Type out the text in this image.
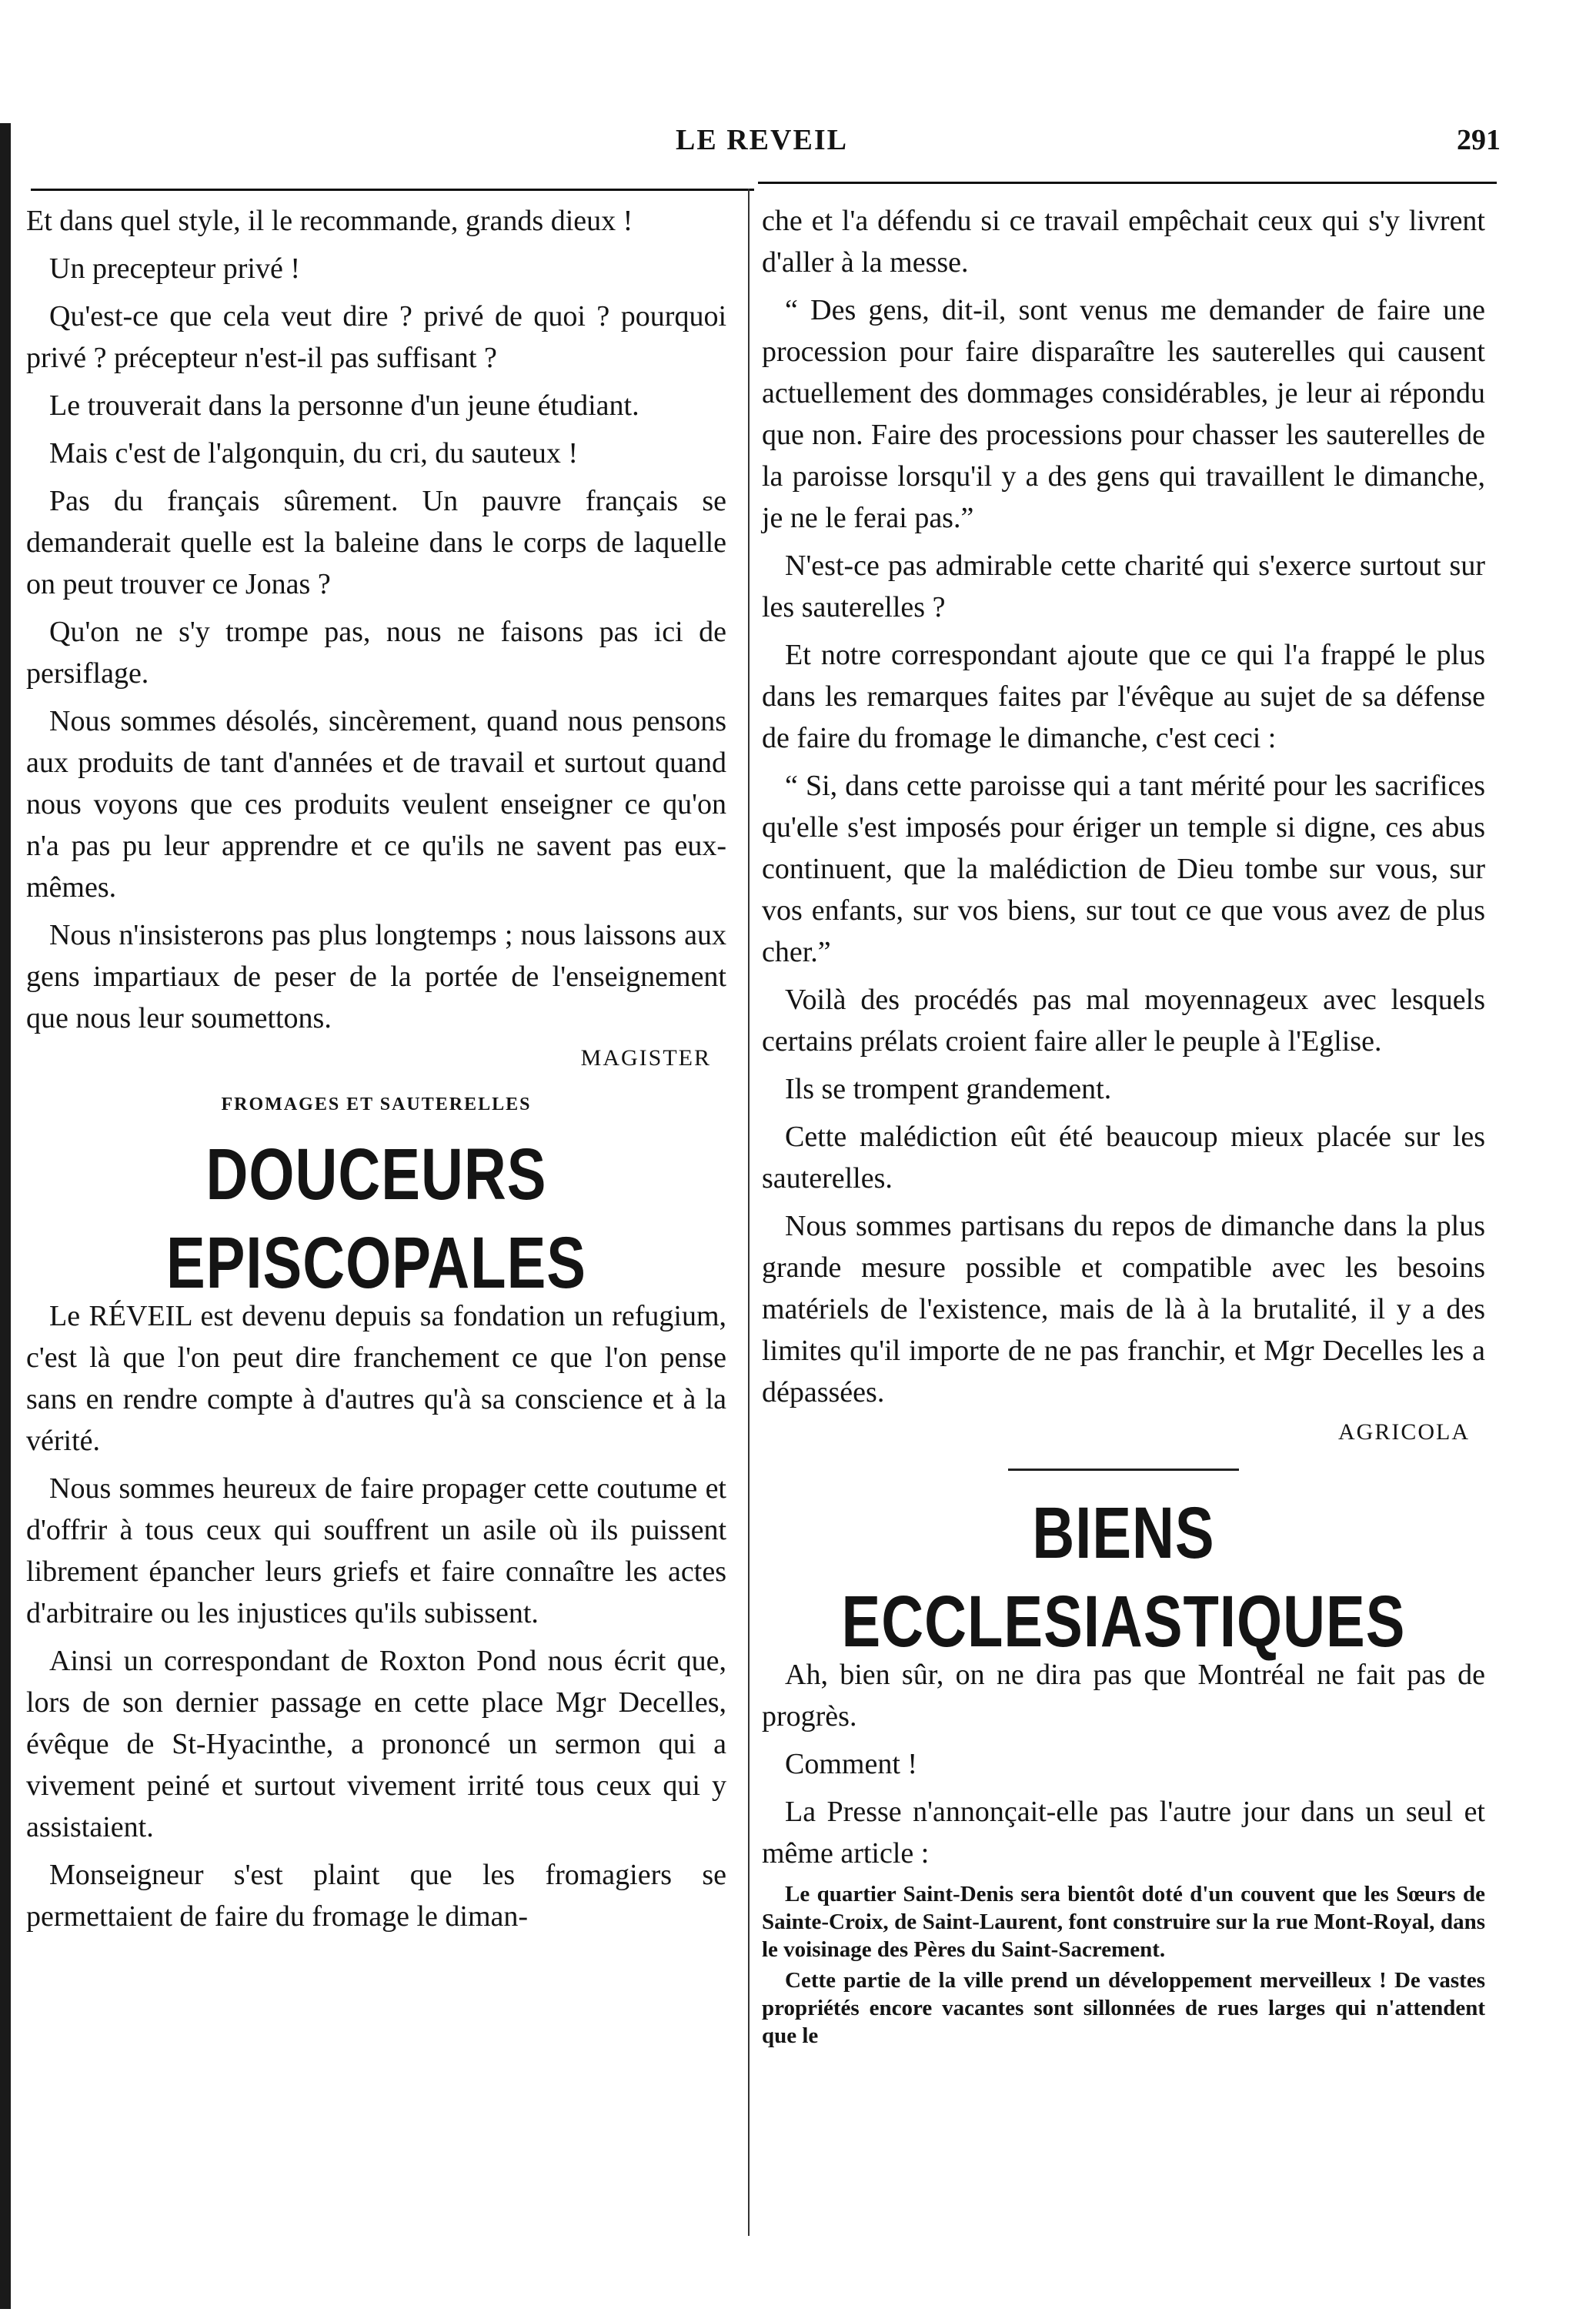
LE REVEIL	291

Et dans quel style, il le recommande, grands dieux !

Un precepteur privé !

Qu'est-ce que cela veut dire ? privé de quoi ? pourquoi privé ? précepteur n'est-il pas suffisant ?

Le trouverait dans la personne d'un jeune étudiant.

Mais c'est de l'algonquin, du cri, du sauteux !

Pas du français sûrement. Un pauvre français se demanderait quelle est la baleine dans le corps de laquelle on peut trouver ce Jonas ?

Qu'on ne s'y trompe pas, nous ne faisons pas ici de persiflage.

Nous sommes désolés, sincèrement, quand nous pensons aux produits de tant d'années et de travail et surtout quand nous voyons que ces produits veulent enseigner ce qu'on n'a pas pu leur apprendre et ce qu'ils ne savent pas eux-mêmes.

Nous n'insisterons pas plus longtemps ; nous laissons aux gens impartiaux de peser de la portée de l'enseignement que nous leur soumettons.

MAGISTER
FROMAGES ET SAUTERELLES
DOUCEURS EPISCOPALES

Le RÉVEIL est devenu depuis sa fondation un refugium, c'est là que l'on peut dire franchement ce que l'on pense sans en rendre compte à d'autres qu'à sa conscience et à la vérité.

Nous sommes heureux de faire propager cette coutume et d'offrir à tous ceux qui souffrent un asile où ils puissent librement épancher leurs griefs et faire connaître les actes d'arbitraire ou les injustices qu'ils subissent.

Ainsi un correspondant de Roxton Pond nous écrit que, lors de son dernier passage en cette place Mgr Decelles, évêque de St-Hyacinthe, a prononcé un sermon qui a vivement peiné et surtout vivement irrité tous ceux qui y assistaient.

Monseigneur s'est plaint que les fromagiers se permettaient de faire du fromage le diman-

che et l'a défendu si ce travail empêchait ceux qui s'y livrent d'aller à la messe.

“ Des gens, dit-il, sont venus me demander de faire une procession pour faire disparaître les sauterelles qui causent actuellement des dommages considérables, je leur ai répondu que non. Faire des processions pour chasser les sauterelles de la paroisse lorsqu'il y a des gens qui travaillent le dimanche, je ne le ferai pas.”

N'est-ce pas admirable cette charité qui s'exerce surtout sur les sauterelles ?

Et notre correspondant ajoute que ce qui l'a frappé le plus dans les remarques faites par l'évêque au sujet de sa défense de faire du fromage le dimanche, c'est ceci :

“ Si, dans cette paroisse qui a tant mérité pour les sacrifices qu'elle s'est imposés pour ériger un temple si digne, ces abus continuent, que la malédiction de Dieu tombe sur vous, sur vos enfants, sur vos biens, sur tout ce que vous avez de plus cher.”

Voilà des procédés pas mal moyennageux avec lesquels certains prélats croient faire aller le peuple à l'Eglise.

Ils se trompent grandement.

Cette malédiction eût été beaucoup mieux placée sur les sauterelles.

Nous sommes partisans du repos de dimanche dans la plus grande mesure possible et compatible avec les besoins matériels de l'existence, mais de là à la brutalité, il y a des limites qu'il importe de ne pas franchir, et Mgr Decelles les a dépassées.

AGRICOLA
BIENS ECCLESIASTIQUES

Ah, bien sûr, on ne dira pas que Montréal ne fait pas de progrès.

Comment !

La Presse n'annonçait-elle pas l'autre jour dans un seul et même article :

Le quartier Saint-Denis sera bientôt doté d'un couvent que les Sœurs de Sainte-Croix, de Saint-Laurent, font construire sur la rue Mont-Royal, dans le voisinage des Pères du Saint-Sacrement.

Cette partie de la ville prend un développement merveilleux ! De vastes propriétés encore vacantes sont sillonnées de rues larges qui n'attendent que le
